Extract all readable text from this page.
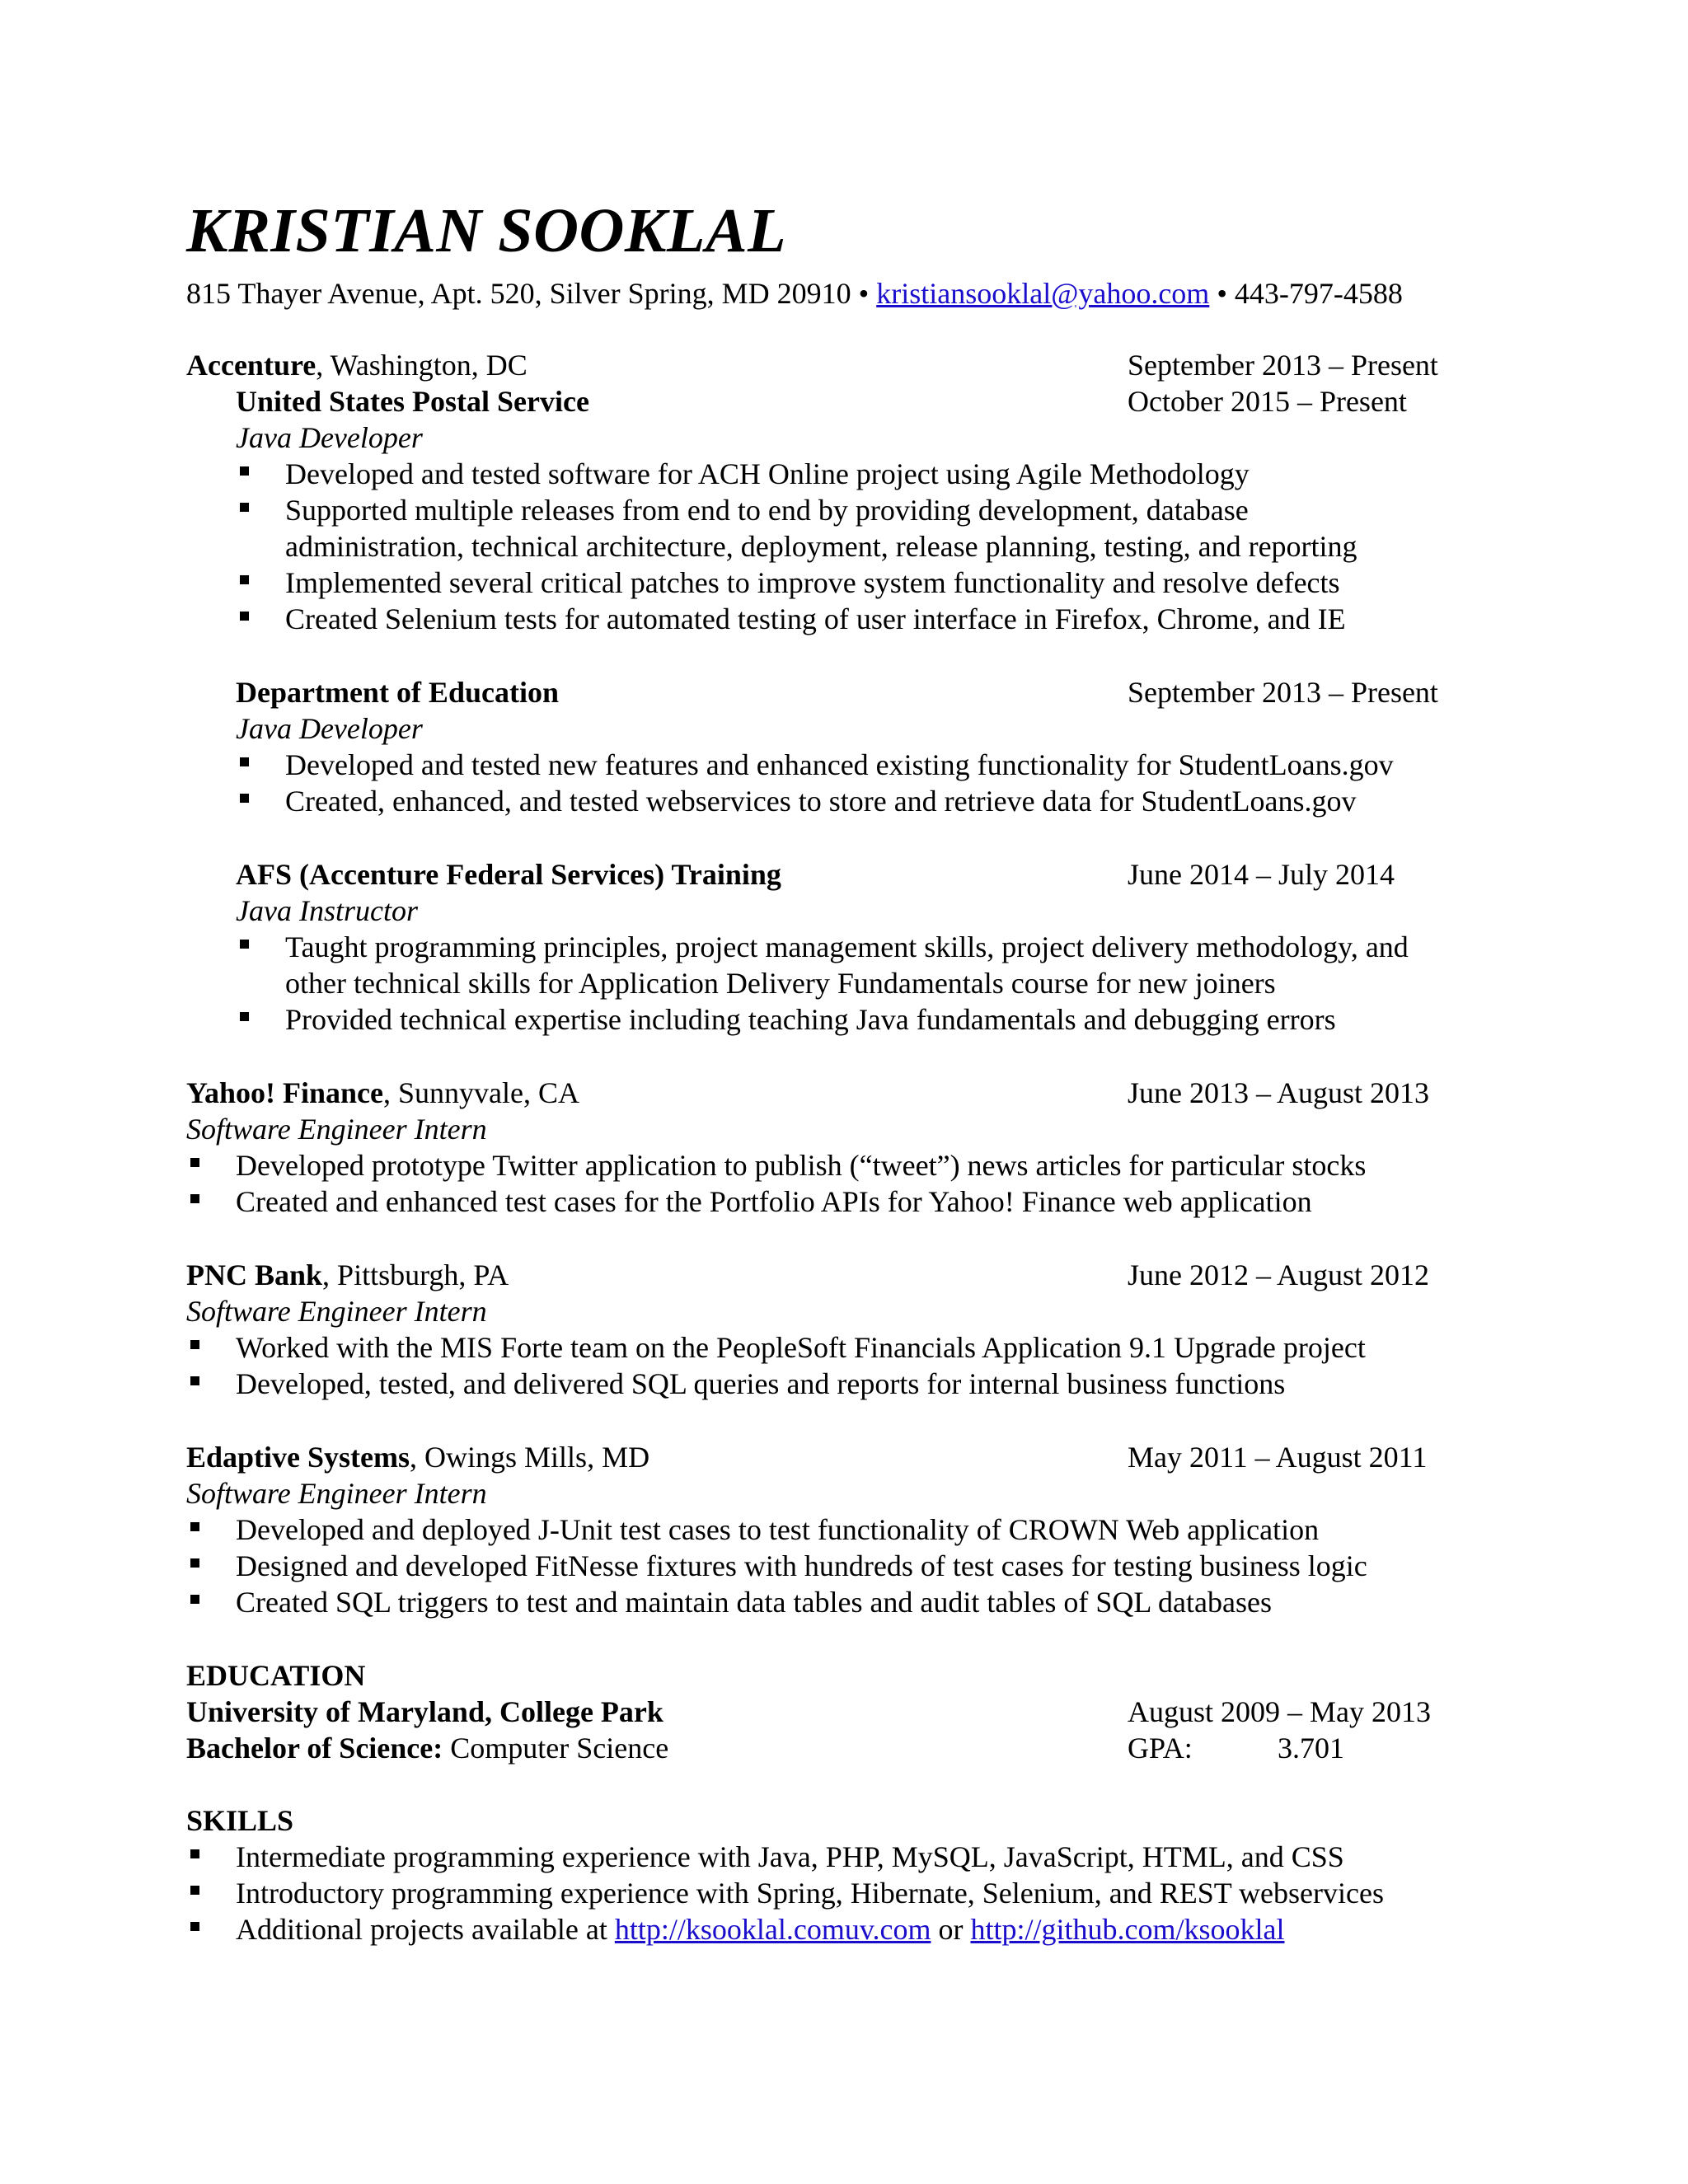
KRISTIAN SOOKLAL
815 Thayer Avenue, Apt. 520, Silver Spring, MD 20910 • kristiansooklal@yahoo.com • 443-797-4588
Accenture, Washington, DC	September 2013 – Present
United States Postal Service	October 2015 – Present
Java Developer
Developed and tested software for ACH Online project using Agile Methodology
Supported multiple releases from end to end by providing development, database
administration, technical architecture, deployment, release planning, testing, and reporting
Implemented several critical patches to improve system functionality and resolve defects
Created Selenium tests for automated testing of user interface in Firefox, Chrome, and IE
Department of Education	September 2013 – Present
Java Developer
Developed and tested new features and enhanced existing functionality for StudentLoans.gov
Created, enhanced, and tested webservices to store and retrieve data for StudentLoans.gov
AFS (Accenture Federal Services) Training	June 2014 – July 2014
Java Instructor
Taught programming principles, project management skills, project delivery methodology, and
other technical skills for Application Delivery Fundamentals course for new joiners
Provided technical expertise including teaching Java fundamentals and debugging errors
Yahoo! Finance, Sunnyvale, CA	June 2013 – August 2013
Software Engineer Intern
Developed prototype Twitter application to publish (“tweet”) news articles for particular stocks
Created and enhanced test cases for the Portfolio APIs for Yahoo! Finance web application
PNC Bank, Pittsburgh, PA	June 2012 – August 2012
Software Engineer Intern
Worked with the MIS Forte team on the PeopleSoft Financials Application 9.1 Upgrade project
Developed, tested, and delivered SQL queries and reports for internal business functions
Edaptive Systems, Owings Mills, MD	May 2011 – August 2011
Software Engineer Intern
Developed and deployed J-Unit test cases to test functionality of CROWN Web application
Designed and developed FitNesse fixtures with hundreds of test cases for testing business logic
Created SQL triggers to test and maintain data tables and audit tables of SQL databases
EDUCATION
University of Maryland, College Park	August 2009 – May 2013
Bachelor of Science: Computer Science	GPA:	3.701
SKILLS
Intermediate programming experience with Java, PHP, MySQL, JavaScript, HTML, and CSS
Introductory programming experience with Spring, Hibernate, Selenium, and REST webservices
Additional projects available at http://ksooklal.comuv.com or http://github.com/ksooklal
